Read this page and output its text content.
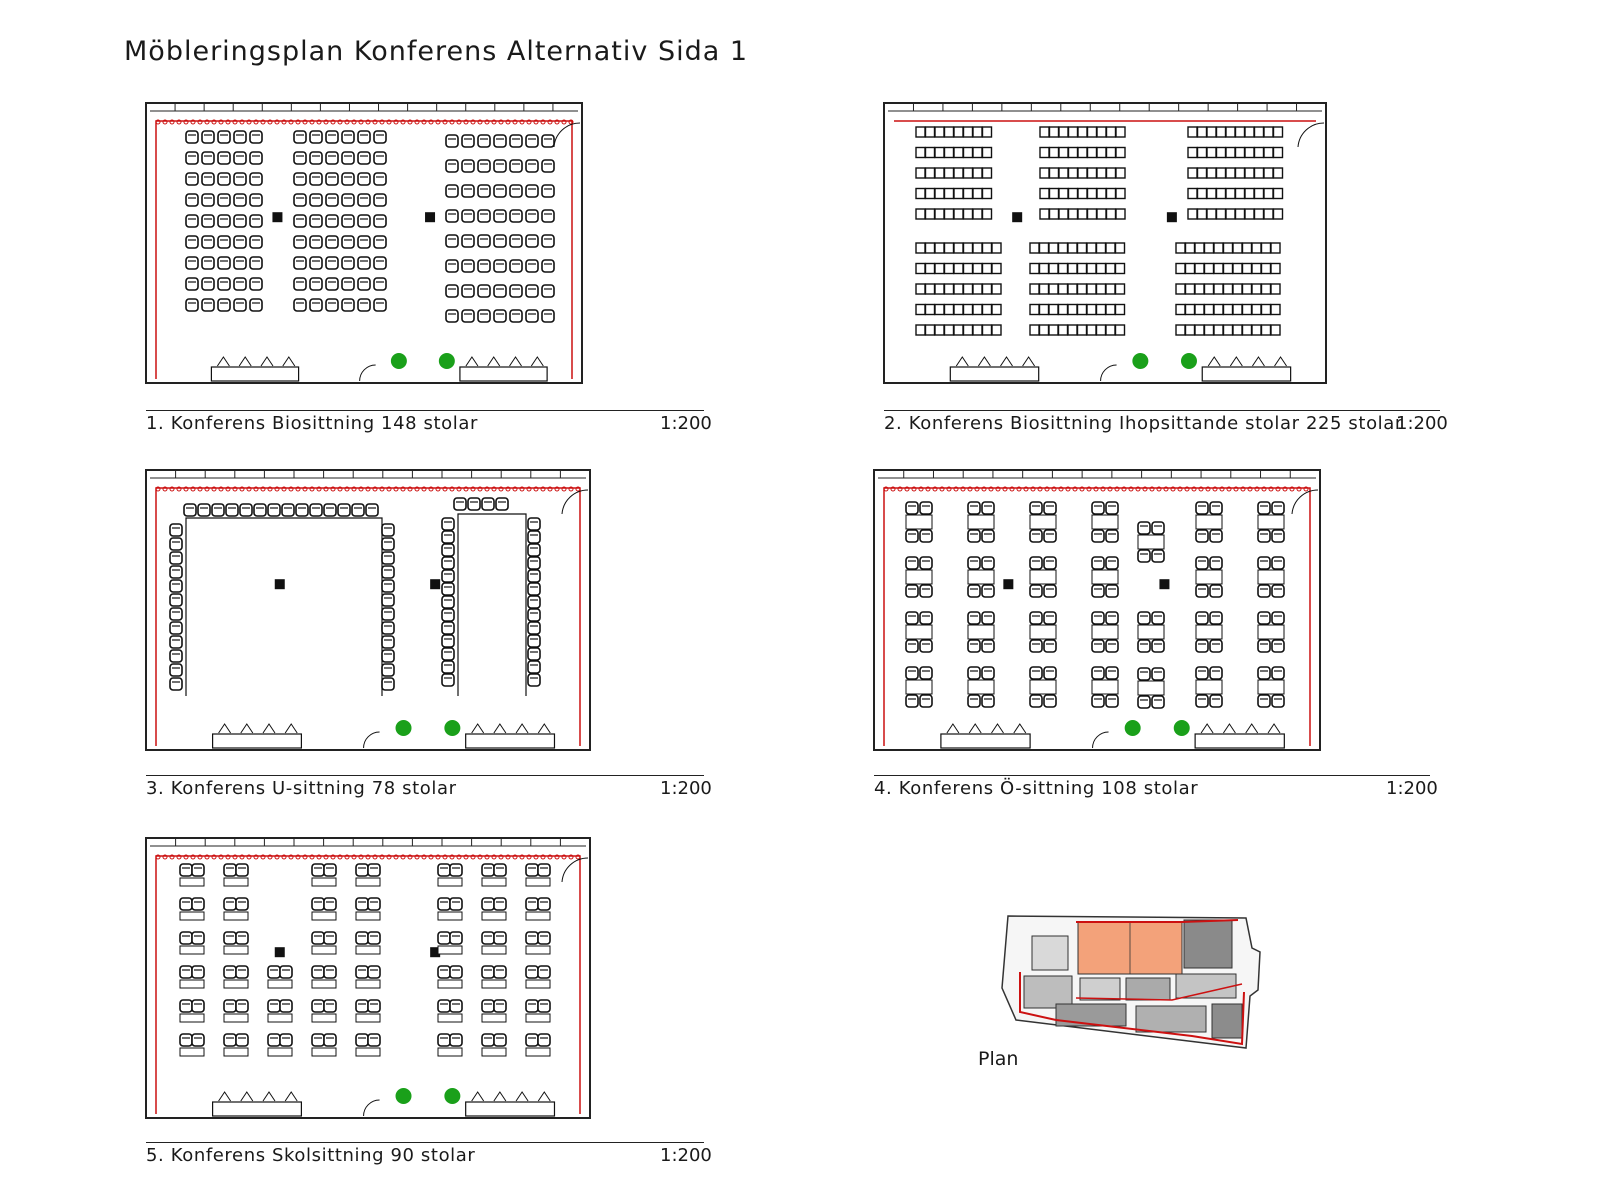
Möbleringsplan Konferens Alternativ Sida 1
1. Konferens Biosittning 148 stolar	1:200	2. Konferens Biosittning Ihopsittande stolar 225 stolar
1:200
3. Konferens U-sittning 78 stolar	1:200	4. Konferens Ö-sittning 108 stolar	1:200
5. Konferens Skolsittning 90 stolar	1:200
Plan
